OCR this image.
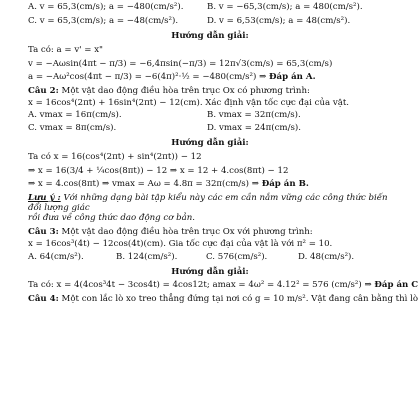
A. v = 65,3(cm/s); a = −480(cm/s²).	B. v = −65,3(cm/s); a = 480(cm/s²).
C. v = 65,3(cm/s); a = −48(cm/s²).	D. v = 6,53(cm/s); a = 48(cm/s²).
Hướng dẫn giải:
Ta có: a = v' = x"
v = −Aωsin(4πt − π/3) = −6,4πsin(−π/3) = 12π√3(cm/s) = 65,3(cm/s)
a = −Aω²cos(4πt − π/3) = −6(4π)²·½ = −480(cm/s²) ⇒ Đáp án A.
Câu 2: Một vật dao động điều hòa trên trục Ox có phương trình:
x = 16cos⁴(2πt) + 16sin⁴(2πt) − 12(cm). Xác định vận tốc cực đại của vật.
A. vmax = 16π(cm/s).	B. vmax = 32π(cm/s).
C. vmax = 8π(cm/s).	D. vmax = 24π(cm/s).
Hướng dẫn giải:
Ta có x = 16(cos⁴(2πt) + sin⁴(2πt)) − 12
⇒ x = 16(3/4 + ¼cos(8πt)) − 12 ⇒ x = 12 + 4.cos(8πt) − 12
⇒ x = 4.cos(8πt) ⇒ vmax = Aω = 4.8π = 32π(cm/s) ⇒ Đáp án B.
Lưu ý : Với những dạng bài tập kiểu này các em cần nắm vững các công thức biến đổi lượng giác
rồi đưa về công thức dao động cơ bản.
Câu 3: Một vật dao động điều hòa trên trục Ox với phương trình:
x = 16cos³(4t) − 12cos(4t)(cm). Gia tốc cực đại của vật là với π² = 10.
A. 64(cm/s²).	B. 124(cm/s²).	C. 576(cm/s²).	D. 48(cm/s²).
Hướng dẫn giải:
Ta có: x = 4(4cos³4t − 3cos4t) = 4cos12t; amax = 4ω² = 4.12² = 576 (cm/s²) ⇒ Đáp án C
Câu 4: Một con lắc lò xo treo thẳng đứng tại nơi có g = 10 m/s². Vật đang cân bằng thì lò
